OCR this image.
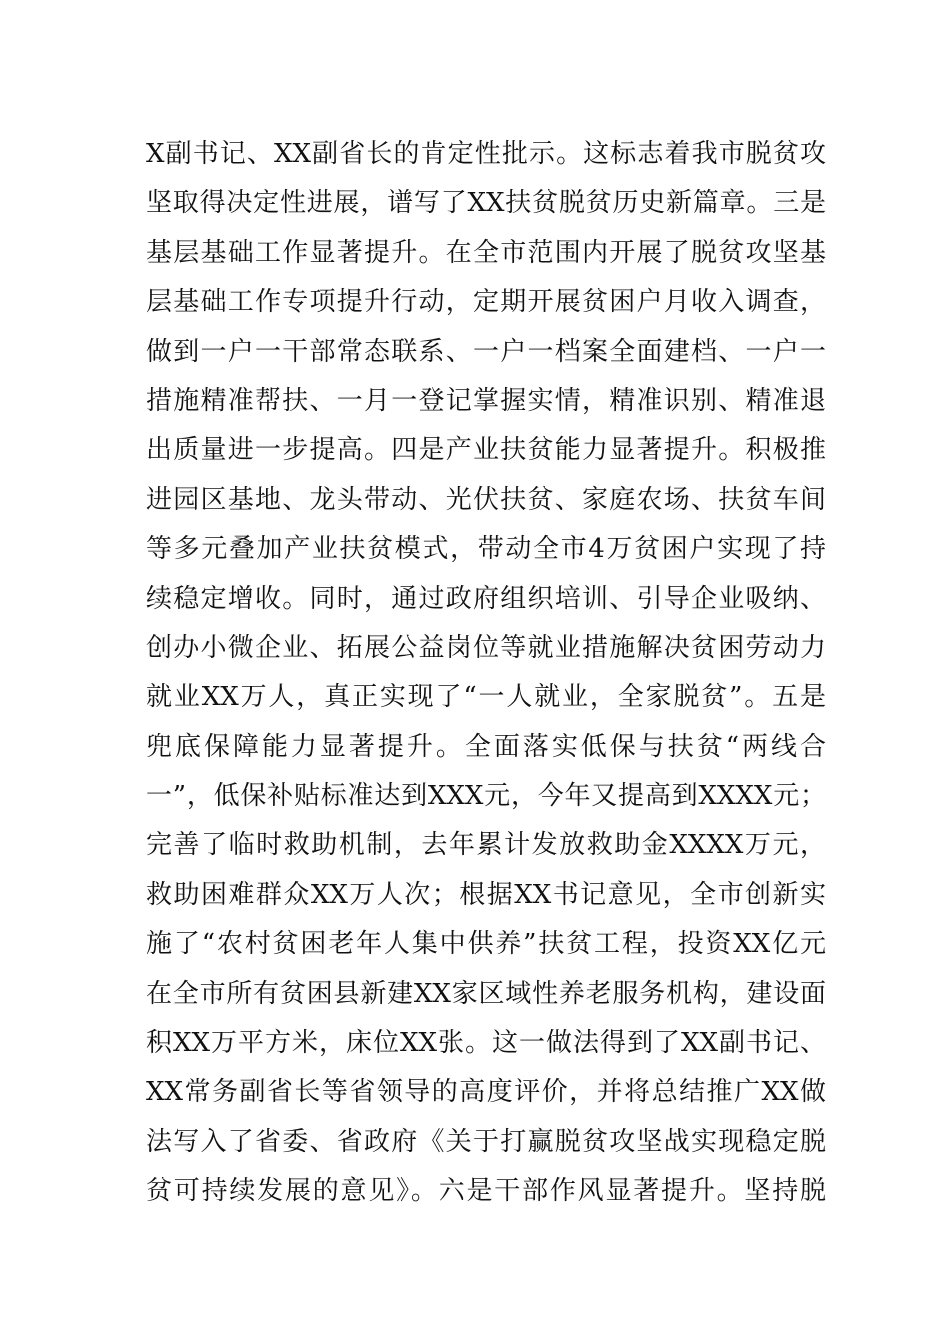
X副书记、XX副省长的肯定性批示。这标志着我市脱贫攻
坚取得决定性进展，谱写了XX扶贫脱贫历史新篇章。三是
基层基础工作显著提升。在全市范围内开展了脱贫攻坚基
层基础工作专项提升行动，定期开展贫困户月收入调查，
做到一户一干部常态联系、一户一档案全面建档、一户一
措施精准帮扶、一月一登记掌握实情，精准识别、精准退
出质量进一步提高。四是产业扶贫能力显著提升。积极推
进园区基地、龙头带动、光伏扶贫、家庭农场、扶贫车间
等多元叠加产业扶贫模式，带动全市4万贫困户实现了持
续稳定增收。同时，通过政府组织培训、引导企业吸纳、
创办小微企业、拓展公益岗位等就业措施解决贫困劳动力
就业XX万人，真正实现了“一人就业，全家脱贫”。五是
兜底保障能力显著提升。全面落实低保与扶贫“两线合
一”，低保补贴标准达到XXX元，今年又提高到XXXX元；
完善了临时救助机制，去年累计发放救助金XXXX万元，
救助困难群众XX万人次；根据XX书记意见，全市创新实
施了“农村贫困老年人集中供养”扶贫工程，投资XX亿元
在全市所有贫困县新建XX家区域性养老服务机构，建设面
积XX万平方米，床位XX张。这一做法得到了XX副书记、
XX常务副省长等省领导的高度评价，并将总结推广XX做
法写入了省委、省政府《关于打赢脱贫攻坚战实现稳定脱
贫可持续发展的意见》。六是干部作风显著提升。坚持脱
